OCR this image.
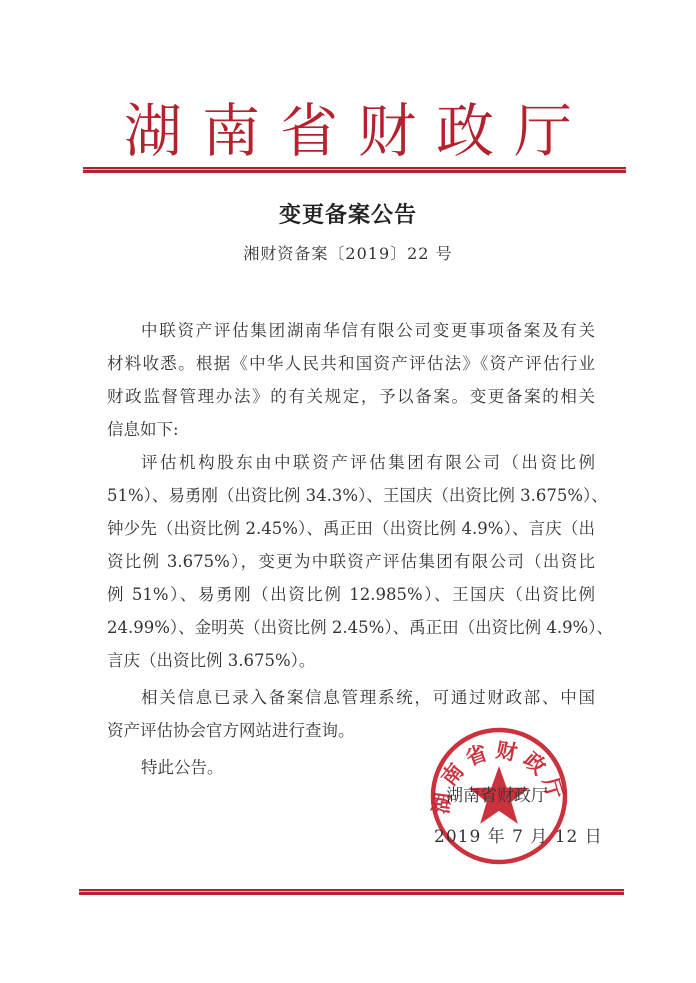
湖南省财政厅
变更备案公告
湘财资备案〔2019〕22 号
中联资产评估集团湖南华信有限公司变更事项备案及有关
材料收悉。根据《中华人民共和国资产评估法》《资产评估行业
财政监督管理办法》的有关规定，予以备案。变更备案的相关
信息如下:
评估机构股东由中联资产评估集团有限公司（出资比例
51%）、易勇刚（出资比例 34.3%）、王国庆（出资比例 3.675%）、
钟少先（出资比例 2.45%）、禹正田（出资比例 4.9%）、言庆（出
资比例 3.675%），变更为中联资产评估集团有限公司（出资比
例 51%）、易勇刚（出资比例 12.985%）、王国庆（出资比例
24.99%）、金明英（出资比例 2.45%）、禹正田（出资比例 4.9%）、
言庆（出资比例 3.675%）。
相关信息已录入备案信息管理系统，可通过财政部、中国
资产评估协会官方网站进行查询。
特此公告。
湖南省财政厅
湖南省财政厅
2019 年 7 月 12 日
